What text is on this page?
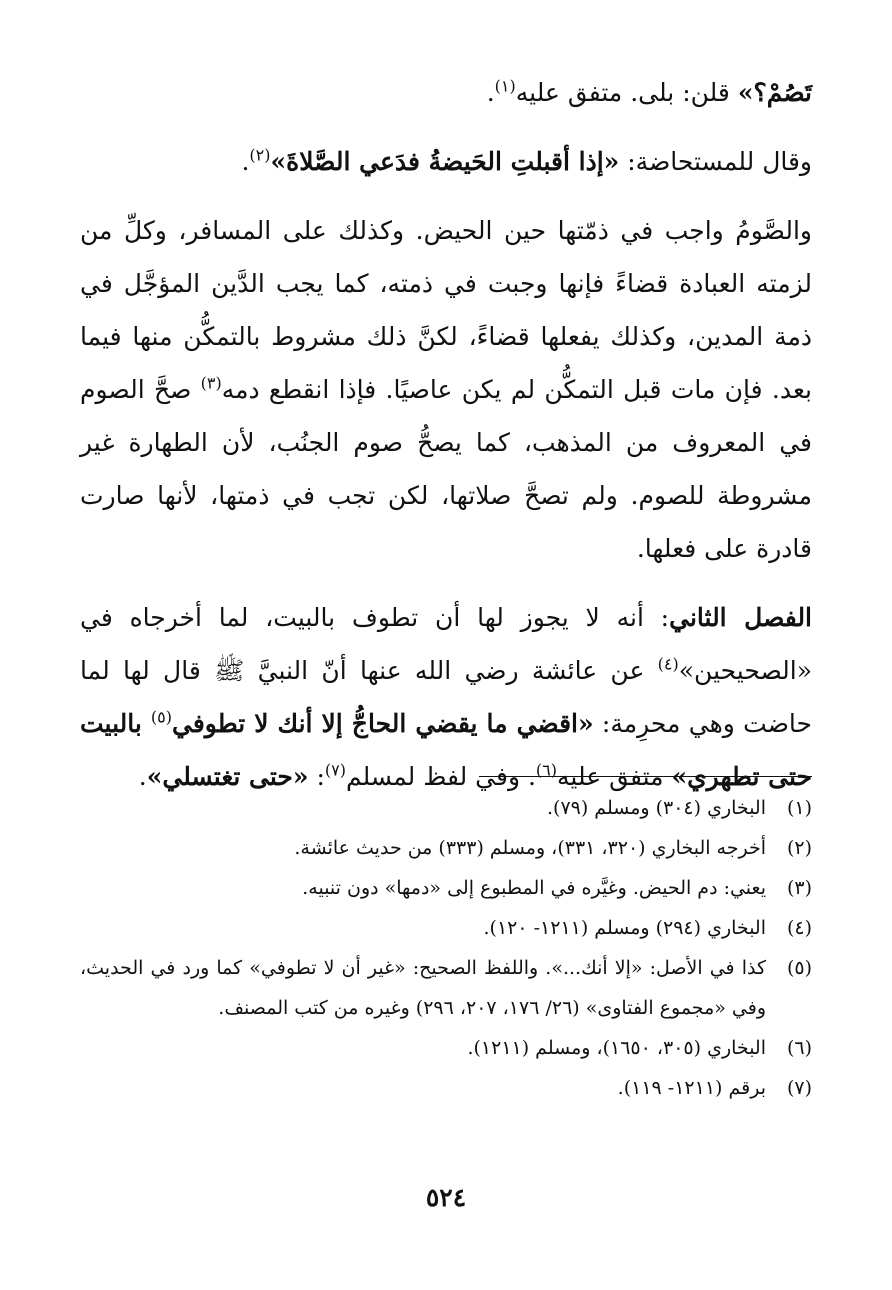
تَصُمْ؟» قلن: بلى. متفق عليه$^{(١)}$.

وقال للمستحاضة: «إذا أقبلتِ الحَيضةُ فدَعي الصَّلاةَ»$^{(٢)}$.

والصَّومُ واجب في ذمّتها حين الحيض. وكذلك على المسافر، وكلِّ من لزمته العبادة قضاءً فإنها وجبت في ذمته، كما يجب الدَّين المؤجَّل في ذمة المدين، وكذلك يفعلها قضاءً، لكنَّ ذلك مشروط بالتمكُّن منها فيما بعد. فإن مات قبل التمكُّن لم يكن عاصيًا. فإذا انقطع دمه$^{(٣)}$ صحَّ الصوم في المعروف من المذهب، كما يصحُّ صوم الجنُب، لأن الطهارة غير مشروطة للصوم. ولم تصحَّ صلاتها، لكن تجب في ذمتها، لأنها صارت قادرة على فعلها.

الفصل الثاني: أنه لا يجوز لها أن تطوف بالبيت، لما أخرجاه في «الصحيحين»$^{(٤)}$ عن عائشة رضي الله عنها أنّ النبيَّ ﷺ قال لها لما حاضت وهي محرِمة: «اقضي ما يقضي الحاجُّ إلا أنك لا تطوفي$^{(٥)}$ بالبيت حتى تطهري» متفق عليه$^{(٦)}$. وفي لفظ لمسلم$^{(٧)}$: «حتى تغتسلي».

(١)
البخاري (٣٠٤) ومسلم (٧٩).
(٢)
أخرجه البخاري (٣٢٠، ٣٣١)، ومسلم (٣٣٣) من حديث عائشة.
(٣)
يعني: دم الحيض. وغيَّره في المطبوع إلى «دمها» دون تنبيه.
(٤)
البخاري (٢٩٤) ومسلم (١٢١١- ١٢٠).
(٥)
كذا في الأصل: «إلا أنك...». واللفظ الصحيح: «غير أن لا تطوفي» كما ورد في الحديث، وفي «مجموع الفتاوى» (٢٦/ ١٧٦، ٢٠٧، ٢٩٦) وغيره من كتب المصنف.
(٦)
البخاري (٣٠٥، ١٦٥٠)، ومسلم (١٢١١).
(٧)
برقم (١٢١١- ١١٩).
٥٢٤
